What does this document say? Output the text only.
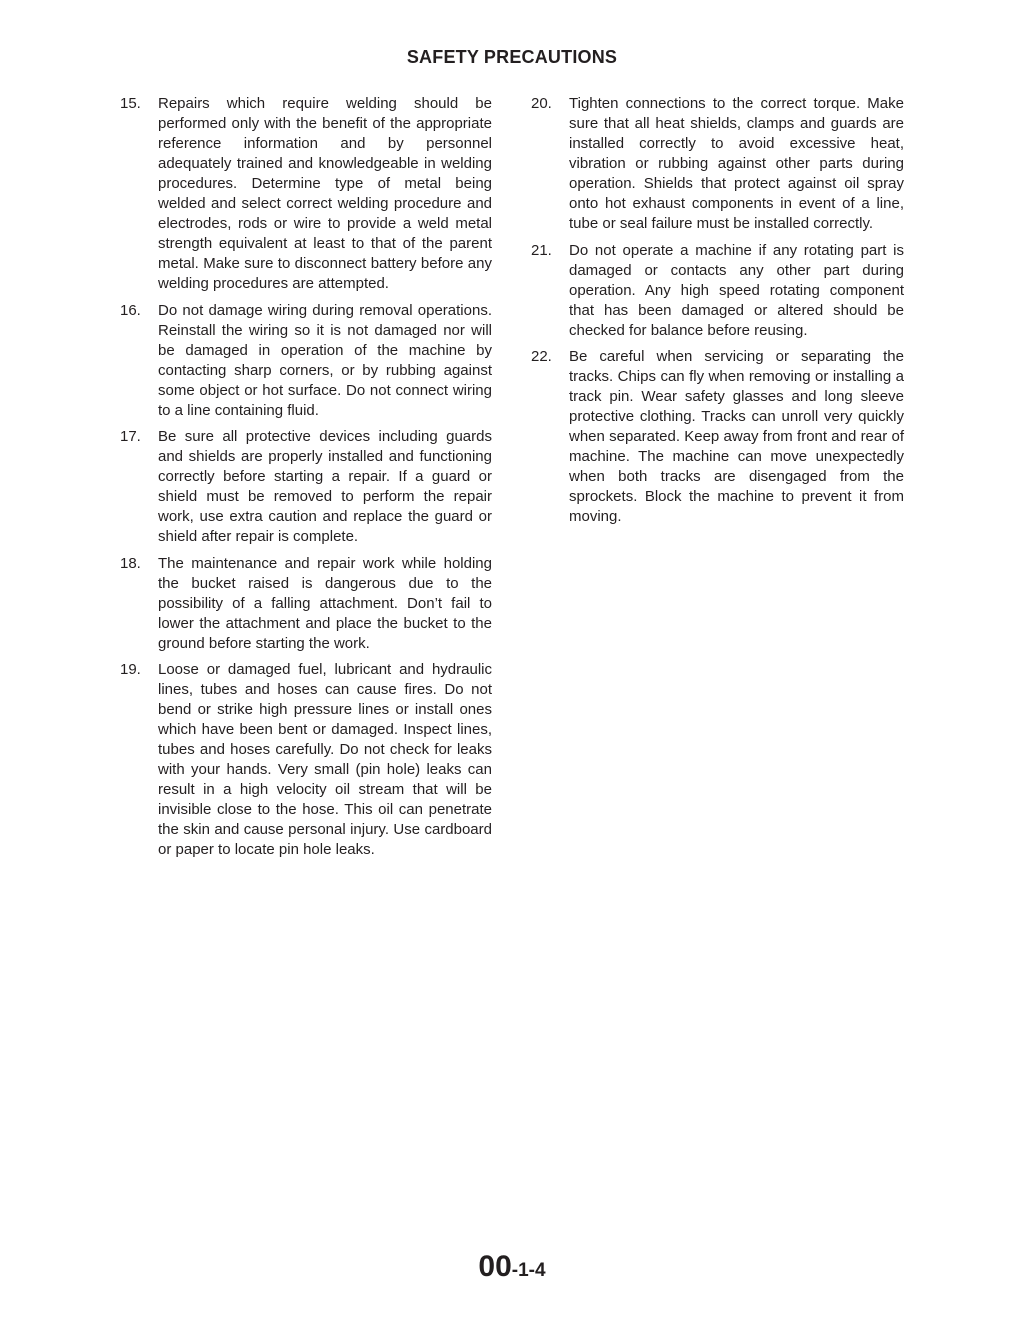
SAFETY PRECAUTIONS
15. Repairs which require welding should be performed only with the benefit of the appropriate reference information and by personnel adequately trained and knowledgeable in welding procedures. Determine type of metal being welded and select correct welding procedure and electrodes, rods or wire to provide a weld metal strength equivalent at least to that of the parent metal. Make sure to disconnect battery before any welding procedures are attempted.
16. Do not damage wiring during removal operations. Reinstall the wiring so it is not damaged nor will be damaged in operation of the machine by contacting sharp corners, or by rubbing against some object or hot surface. Do not connect wiring to a line containing fluid.
17. Be sure all protective devices including guards and shields are properly installed and functioning correctly before starting a repair. If a guard or shield must be removed to perform the repair work, use extra caution and replace the guard or shield after repair is complete.
18. The maintenance and repair work while holding the bucket raised is dangerous due to the possibility of a falling attachment. Don’t fail to lower the attachment and place the bucket to the ground before starting the work.
19. Loose or damaged fuel, lubricant and hydraulic lines, tubes and hoses can cause fires. Do not bend or strike high pressure lines or install ones which have been bent or damaged. Inspect lines, tubes and hoses carefully. Do not check for leaks with your hands. Very small (pin hole) leaks can result in a high velocity oil stream that will be invisible close to the hose. This oil can penetrate the skin and cause personal injury. Use cardboard or paper to locate pin hole leaks.
20. Tighten connections to the correct torque. Make sure that all heat shields, clamps and guards are installed correctly to avoid excessive heat, vibration or rubbing against other parts during operation. Shields that protect against oil spray onto hot exhaust components in event of a line, tube or seal failure must be installed correctly.
21. Do not operate a machine if any rotating part is damaged or contacts any other part during operation. Any high speed rotating component that has been damaged or altered should be checked for balance before reusing.
22. Be careful when servicing or separating the tracks. Chips can fly when removing or installing a track pin. Wear safety glasses and long sleeve protective clothing. Tracks can unroll very quickly when separated. Keep away from front and rear of machine. The machine can move unexpectedly when both tracks are disengaged from the sprockets. Block the machine to prevent it from moving.
00-1-4
